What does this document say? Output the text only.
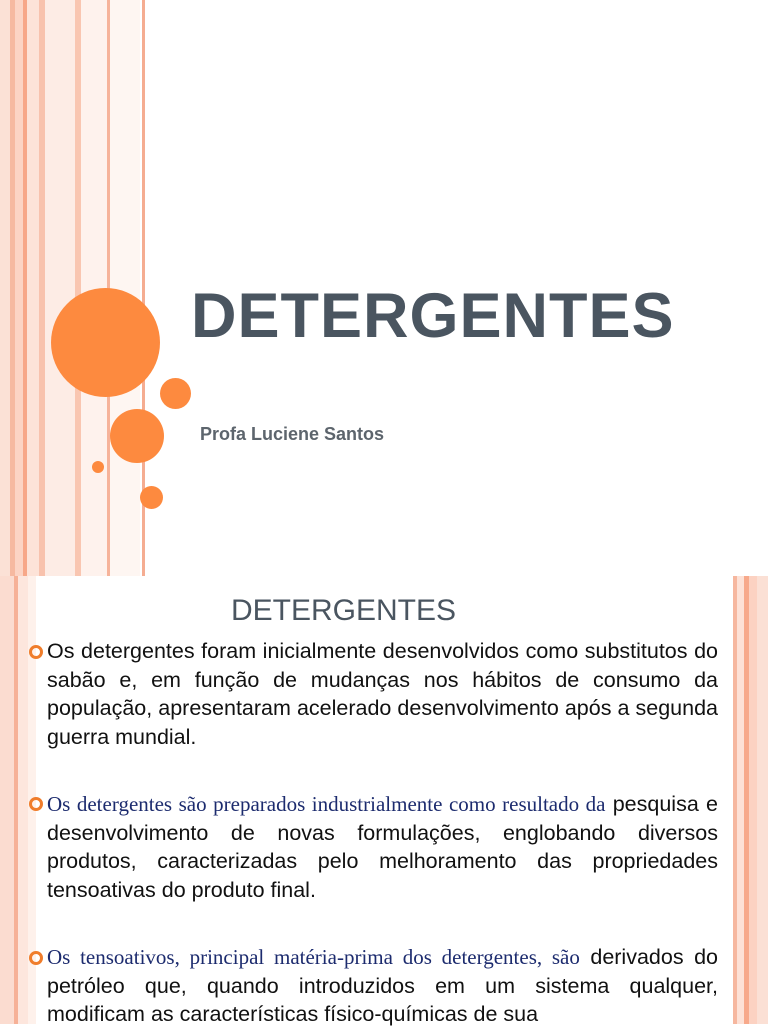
DETERGENTES

Profa Luciene Santos

DETERGENTES

Os detergentes foram inicialmente desenvolvidos como substitutos do sabão e, em função de mudanças nos hábitos de consumo da população, apresentaram acelerado desenvolvimento após a segunda guerra mundial.

Os detergentes são preparados industrialmente como resultado da pesquisa e desenvolvimento de novas formulações, englobando diversos produtos, caracterizadas pelo melhoramento das propriedades tensoativas do produto final.

Os tensoativos, principal matéria-prima dos detergentes, são derivados do petróleo que, quando introduzidos em um sistema qualquer, modificam as características físico-químicas de sua
